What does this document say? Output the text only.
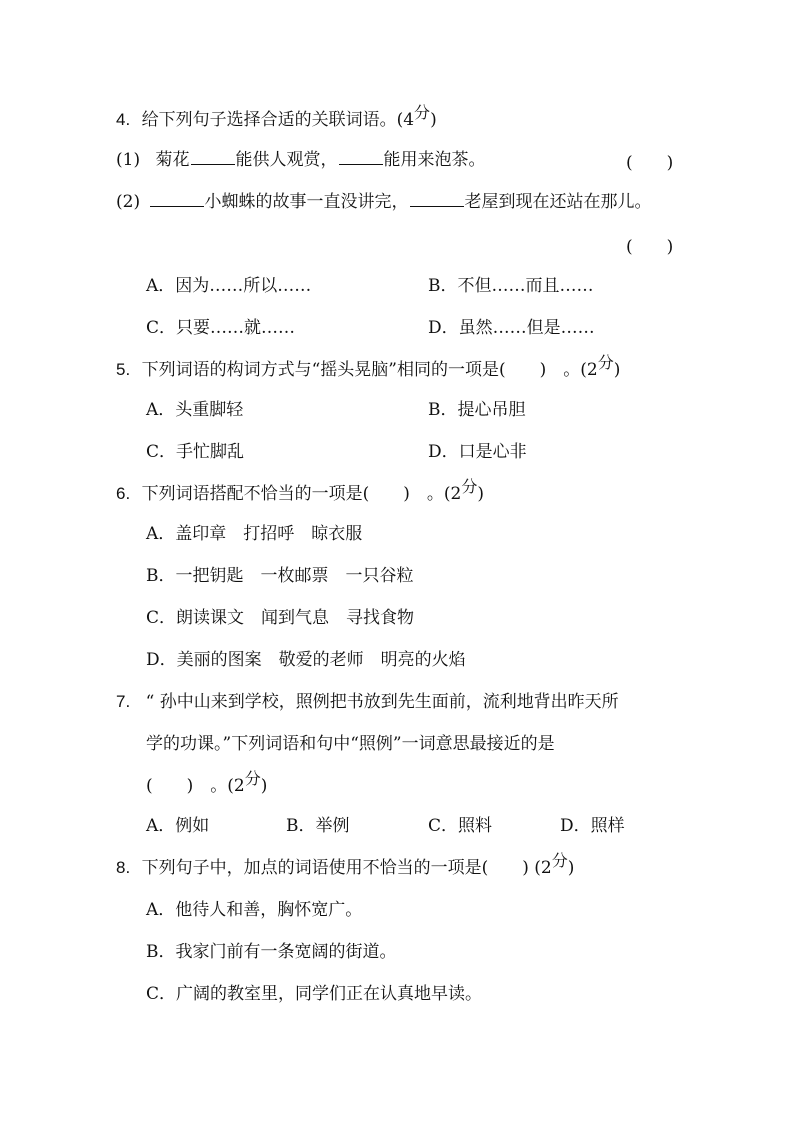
4. 给下列句子选择合适的关联词语。(4分)
(1) 菊花	能供人观赏，	能用来泡茶。	(　　)
(2)	小蜘蛛的故事一直没讲完，	老屋到现在还站在那儿。
(　　)
A．因为……所以……	B．不但……而且……
C．只要……就……	D．虽然……但是……
5. 下列词语的构词方式与“摇头晃脑”相同的一项是(　　)　。(2分)
A．头重脚轻	B．提心吊胆
C．手忙脚乱	D．口是心非
6. 下列词语搭配不恰当的一项是(　　)　。(2分)
A．盖印章　打招呼　晾衣服
B．一把钥匙　一枚邮票　一只谷粒
C．朗读课文　闻到气息　寻找食物
D．美丽的图案　敬爱的老师　明亮的火焰
7. “ 孙中山来到学校，照例把书放到先生面前，流利地背出昨天所
学的功课。”下列词语和句中“照例”一词意思最接近的是
(　　)　。(2分)
A．例如	B．举例	C．照料	D．照样
8. 下列句子中，加点的词语使用不恰当的一项是(　　) (2分)
A．他待人和善，胸怀宽广。
B．我家门前有一条宽阔的街道。
C．广阔的教室里，同学们正在认真地早读。
